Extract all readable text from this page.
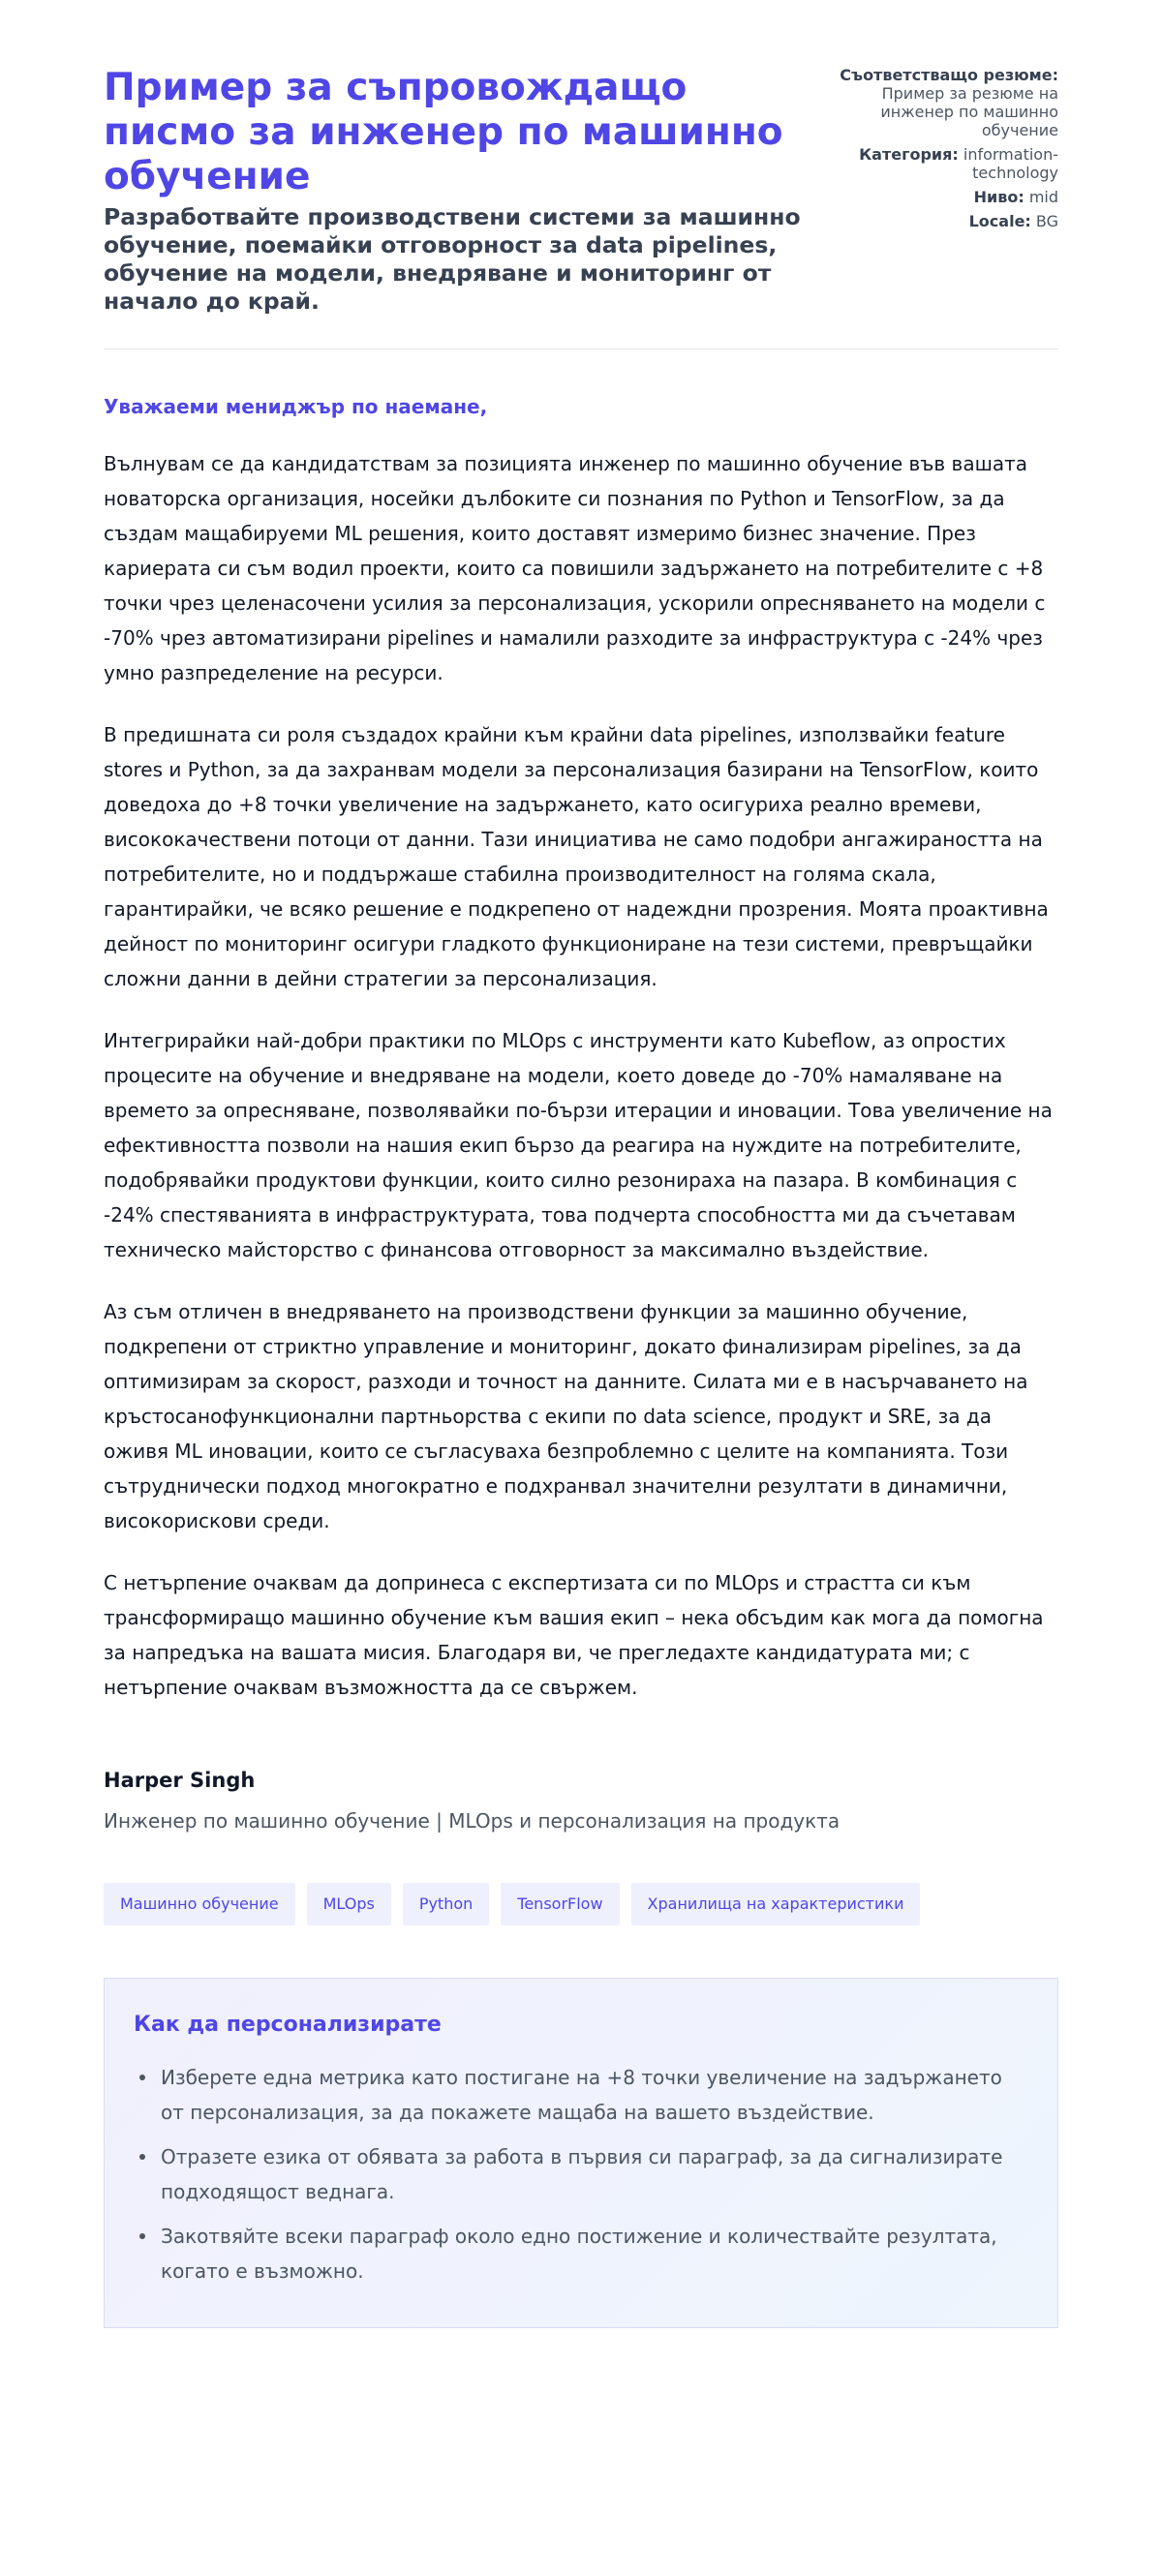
Пример за съпровождащо писмо за инженер по машинно обучение
Разработвайте производствени системи за машинно обучение, поемайки отговорност за data pipelines, обучение на модели, внедряване и мониторинг от начало до край.
Съответстващо резюме: Пример за резюме на инженер по машинно обучение
Категория: information-technology
Ниво: mid
Locale: BG

Уважаеми мениджър по наемане,

Вълнувам се да кандидатствам за позицията инженер по машинно обучение във вашата новаторска организация, носейки дълбоките си познания по Python и TensorFlow, за да създам мащабируеми ML решения, които доставят измеримо бизнес значение. През кариерата си съм водил проекти, които са повишили задържането на потребителите с +8 точки чрез целенасочени усилия за персонализация, ускорили опресняването на модели с -70% чрез автоматизирани pipelines и намалили разходите за инфраструктура с -24% чрез умно разпределение на ресурси.

В предишната си роля създадох крайни към крайни data pipelines, използвайки feature stores и Python, за да захранвам модели за персонализация базирани на TensorFlow, които доведоха до +8 точки увеличение на задържането, като осигуриха реално времеви, висококачествени потоци от данни. Тази инициатива не само подобри ангажираността на потребителите, но и поддържаше стабилна производителност на голяма скала, гарантирайки, че всяко решение е подкрепено от надеждни прозрения. Моята проактивна дейност по мониторинг осигури гладкото функциониране на тези системи, превръщайки сложни данни в дейни стратегии за персонализация.

Интегрирайки най-добри практики по MLOps с инструменти като Kubeflow, аз опростих процесите на обучение и внедряване на модели, което доведе до -70% намаляване на времето за опресняване, позволявайки по-бързи итерации и иновации. Това увеличение на ефективността позволи на нашия екип бързо да реагира на нуждите на потребителите, подобрявайки продуктови функции, които силно резонираха на пазара. В комбинация с -24% спестяванията в инфраструктурата, това подчерта способността ми да съчетавам техническо майсторство с финансова отговорност за максимално въздействие.

Аз съм отличен в внедряването на производствени функции за машинно обучение, подкрепени от стриктно управление и мониторинг, докато финализирам pipelines, за да оптимизирам за скорост, разходи и точност на данните. Силата ми е в насърчаването на кръстосанофункционални партньорства с екипи по data science, продукт и SRE, за да оживя ML иновации, които се съгласуваха безпроблемно с целите на компанията. Този сътруднически подход многократно е подхранвал значителни резултати в динамични, високорискови среди.

С нетърпение очаквам да допринеса с експертизата си по MLOps и страстта си към трансформиращо машинно обучение към вашия екип – нека обсъдим как мога да помогна за напредъка на вашата мисия. Благодаря ви, че прегледахте кандидатурата ми; с нетърпение очаквам възможността да се свържем.

Harper Singh
Инженер по машинно обучение | MLOps и персонализация на продукта
Машинно обучение	MLOps	Python	TensorFlow	Хранилища на характеристики
Как да персонализирате
Изберете една метрика като постигане на +8 точки увеличение на задържането от персонализация, за да покажете мащаба на вашето въздействие.
Отразете езика от обявата за работа в първия си параграф, за да сигнализирате подходящост веднага.
Закотвяйте всеки параграф около едно постижение и количествайте резултата, когато е възможно.
